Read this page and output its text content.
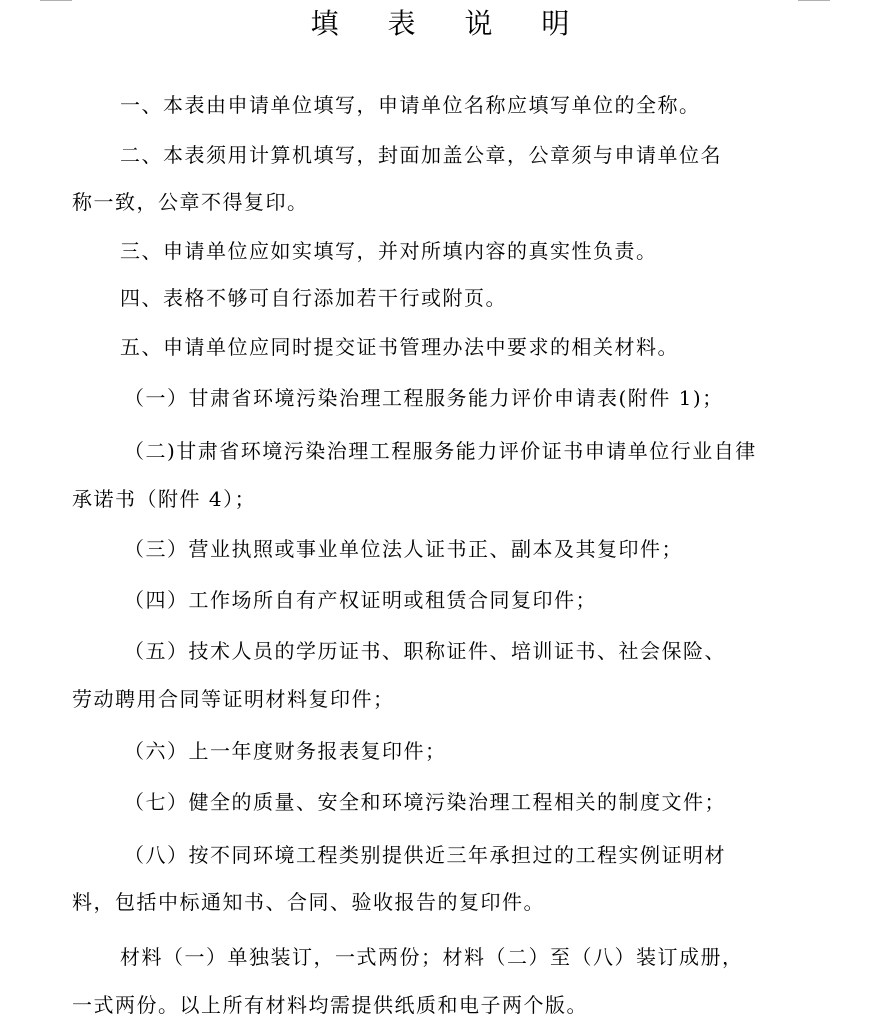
填 表 说 明
一、本表由申请单位填写，申请单位名称应填写单位的全称。
二、本表须用计算机填写，封面加盖公章，公章须与申请单位名
称一致，公章不得复印。
三、申请单位应如实填写，并对所填内容的真实性负责。
四、表格不够可自行添加若干行或附页。
五、申请单位应同时提交证书管理办法中要求的相关材料。
（一）甘肃省环境污染治理工程服务能力评价申请表(附件 1)；
（二)甘肃省环境污染治理工程服务能力评价证书申请单位行业自律
承诺书（附件 4）；
（三）营业执照或事业单位法人证书正、副本及其复印件；
（四）工作场所自有产权证明或租赁合同复印件；
（五）技术人员的学历证书、职称证件、培训证书、社会保险、
劳动聘用合同等证明材料复印件；
（六）上一年度财务报表复印件；
（七）健全的质量、安全和环境污染治理工程相关的制度文件；
（八）按不同环境工程类别提供近三年承担过的工程实例证明材
料，包括中标通知书、合同、验收报告的复印件。
材料（一）单独装订，一式两份；材料（二）至（八）装订成册，
一式两份。以上所有材料均需提供纸质和电子两个版。
